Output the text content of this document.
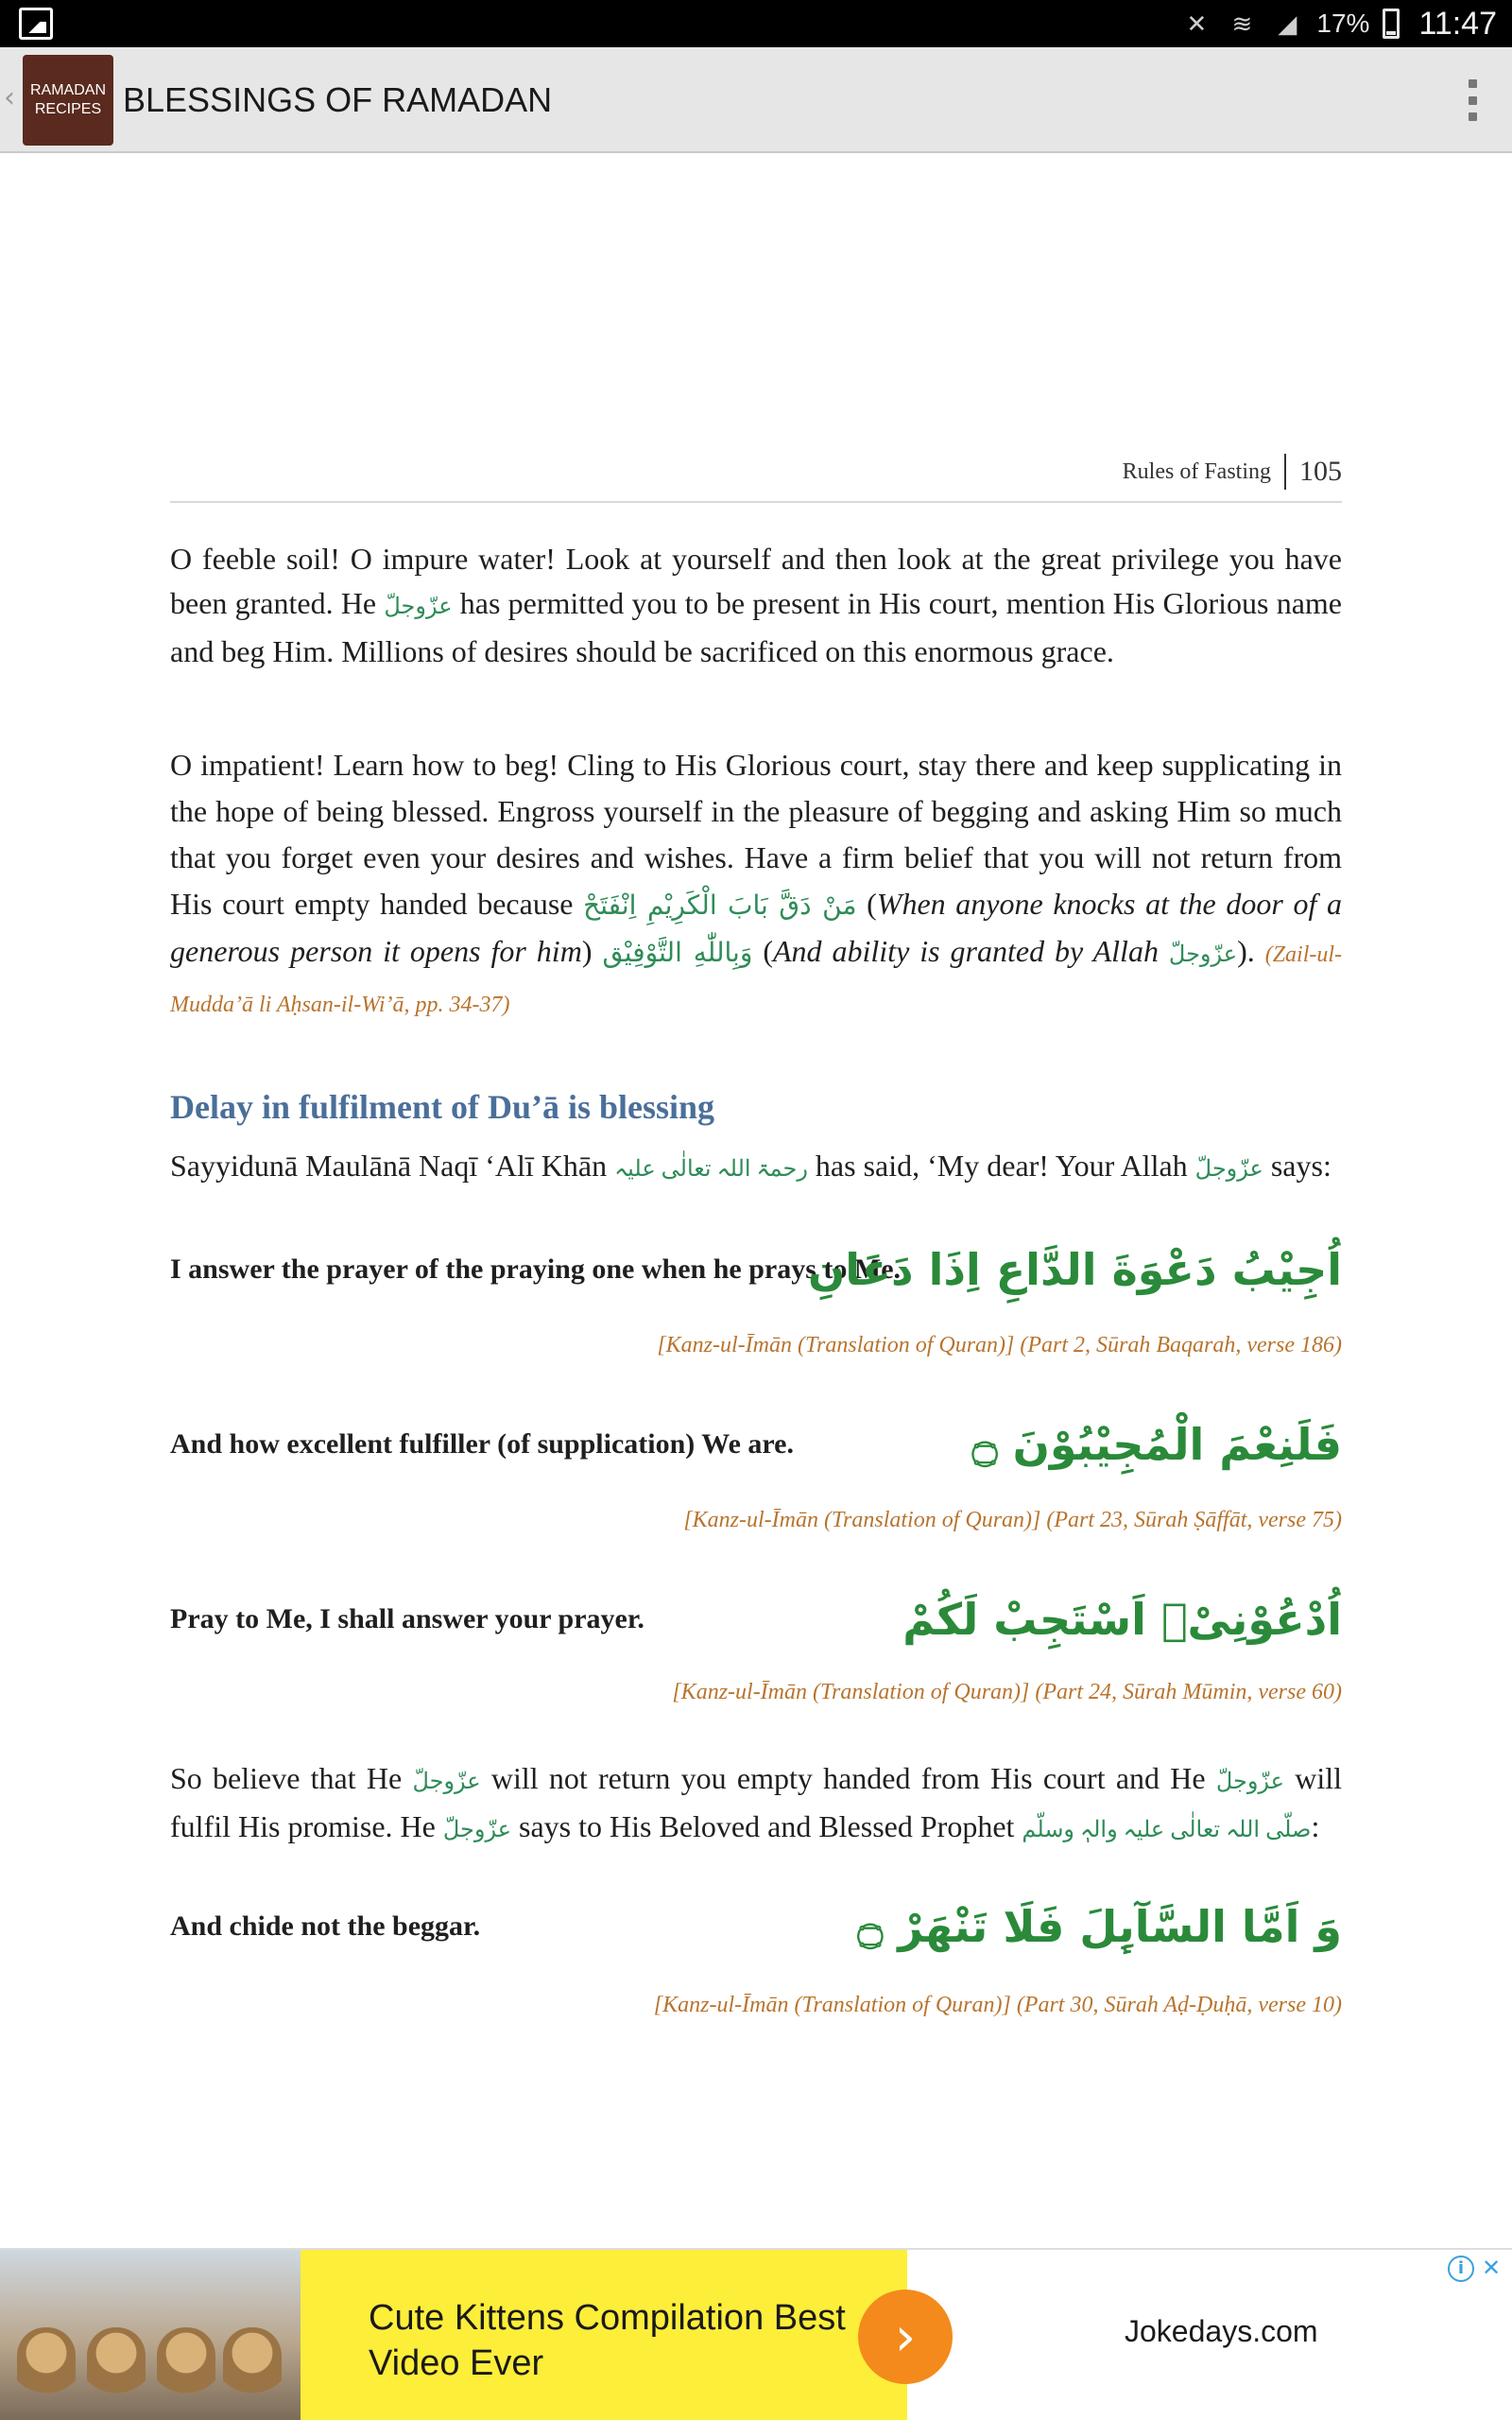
✕ ≋ ◢ 17% 11:47
‹ RAMADAN
RECIPES BLESSINGS OF RAMADAN
Rules of Fasting 105

O feeble soil! O impure water! Look at yourself and then look at the great privilege you have been granted. He عزّوجلّ has permitted you to be present in His court, mention His Glorious name and beg Him. Millions of desires should be sacrificed on this enormous grace.

O impatient! Learn how to beg! Cling to His Glorious court, stay there and keep supplicating in the hope of being blessed. Engross yourself in the pleasure of begging and asking Him so much that you forget even your desires and wishes. Have a firm belief that you will not return from His court empty handed because مَنْ دَقَّ بَابَ الْكَرِيْمِ اِنْفَتَحْ (When anyone knocks at the door of a generous person it opens for him) وَبِاللّٰهِ التَّوْفِيْق (And ability is granted by Allah عزّوجلّ). (Zail-ul-Mudda’ā li Aḥsan-il-Wi’ā, pp. 34-37)

Delay in fulfilment of Du’ā is blessing

Sayyidunā Maulānā Naqī ‘Alī Khān رحمۃ اللہ تعالٰی علیہ has said, ‘My dear! Your Allah عزّوجلّ says:

I answer the prayer of the praying one when he prays to Me.
اُجِيْبُ دَعْوَةَ الدَّاعِ اِذَا دَعَانِ
[Kanz-ul-Īmān (Translation of Quran)] (Part 2, Sūrah Baqarah, verse 186)
And how excellent fulfiller (of supplication) We are.	فَلَنِعْمَ الْمُجِيْبُوْنَ ۝
[Kanz-ul-Īmān (Translation of Quran)] (Part 23, Sūrah Ṣāffāt, verse 75)
Pray to Me, I shall answer your prayer.	اُدْعُوْنِیْۤ اَسْتَجِبْ لَكُمْ
[Kanz-ul-Īmān (Translation of Quran)] (Part 24, Sūrah Mūmin, verse 60)

So believe that He عزّوجلّ will not return you empty handed from His court and He عزّوجلّ will fulfil His promise. He عزّوجلّ says to His Beloved and Blessed Prophet صلّی اللہ تعالٰی علیہ والہٖ وسلّم:

And chide not the beggar.	وَ اَمَّا السَّآىِٕلَ فَلَا تَنْهَرْ ۝
[Kanz-ul-Īmān (Translation of Quran)] (Part 30, Sūrah Aḍ-Ḍuḥā, verse 10)
Cute Kittens Compilation Best Video Ever	›	Jokedays.com
i ✕
